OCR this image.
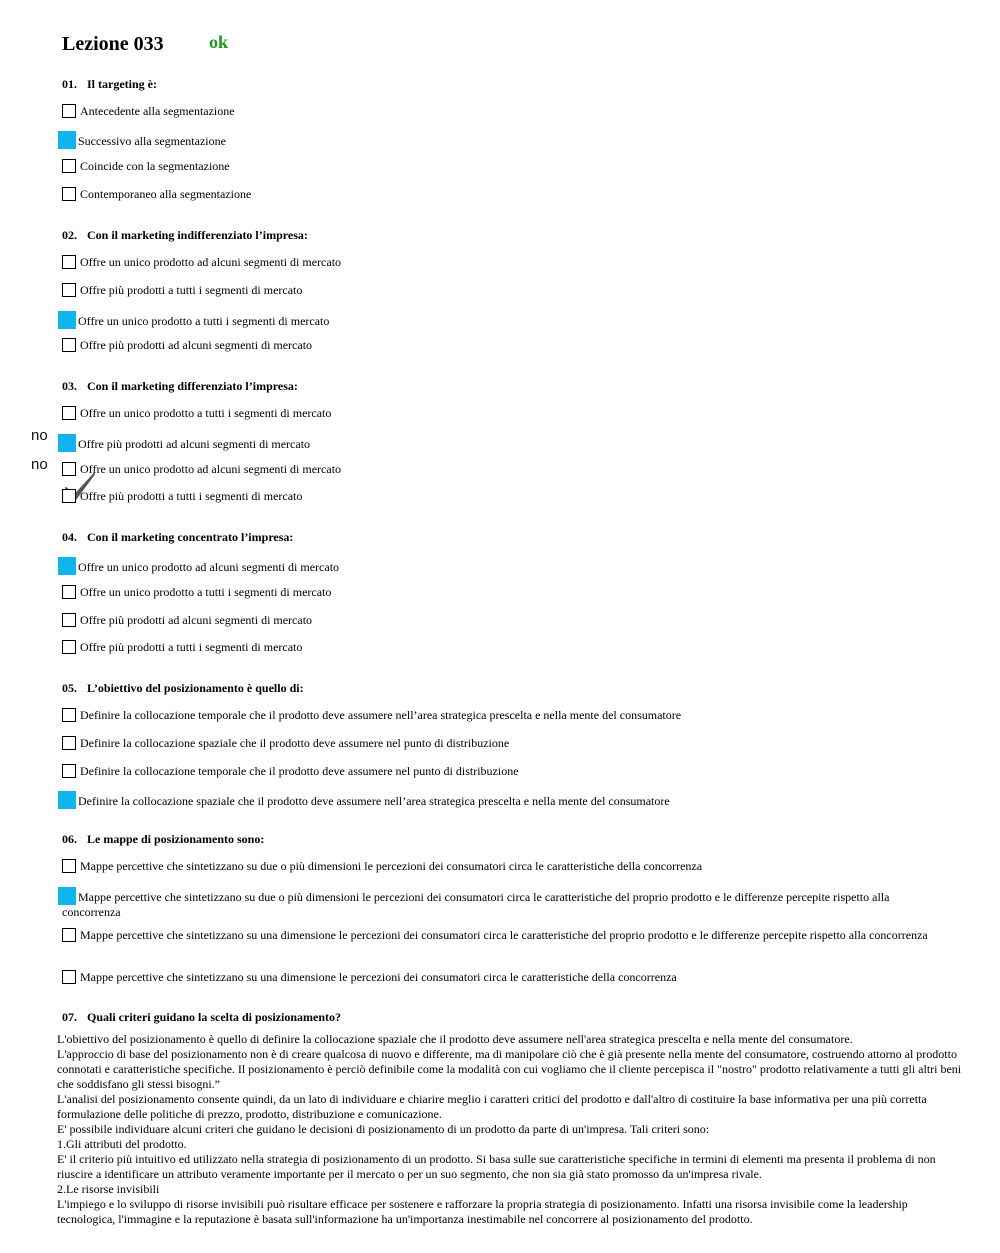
Lezione 033	ok
01. Il targeting è:
Antecedente alla segmentazione
Successivo alla segmentazione
Coincide con la segmentazione
Contemporaneo alla segmentazione
02. Con il marketing indifferenziato l’impresa:
Offre un unico prodotto ad alcuni segmenti di mercato
Offre più prodotti a tutti i segmenti di mercato
Offre un unico prodotto a tutti i segmenti di mercato
Offre più prodotti ad alcuni segmenti di mercato
03. Con il marketing differenziato l’impresa:
Offre un unico prodotto a tutti i segmenti di mercato
Offre più prodotti ad alcuni segmenti di mercato
Offre un unico prodotto ad alcuni segmenti di mercato
Offre più prodotti a tutti i segmenti di mercato
no
no
04. Con il marketing concentrato l’impresa:
Offre un unico prodotto ad alcuni segmenti di mercato
Offre un unico prodotto a tutti i segmenti di mercato
Offre più prodotti ad alcuni segmenti di mercato
Offre più prodotti a tutti i segmenti di mercato
05. L’obiettivo del posizionamento è quello di:
Definire la collocazione temporale che il prodotto deve assumere nell’area strategica prescelta e nella mente del consumatore
Definire la collocazione spaziale che il prodotto deve assumere nel punto di distribuzione
Definire la collocazione temporale che il prodotto deve assumere nel punto di distribuzione
Definire la collocazione spaziale che il prodotto deve assumere nell’area strategica prescelta e nella mente del consumatore
06. Le mappe di posizionamento sono:
Mappe percettive che sintetizzano su due o più dimensioni le percezioni dei consumatori circa le caratteristiche della concorrenza
Mappe percettive che sintetizzano su due o più dimensioni le percezioni dei consumatori circa le caratteristiche del proprio prodotto e le differenze percepite rispetto alla concorrenza
Mappe percettive che sintetizzano su una dimensione le percezioni dei consumatori circa le caratteristiche del proprio prodotto e le differenze percepite rispetto alla concorrenza
Mappe percettive che sintetizzano su una dimensione le percezioni dei consumatori circa le caratteristiche della concorrenza
07. Quali criteri guidano la scelta di posizionamento?

L'obiettivo del posizionamento è quello di definire la collocazione spaziale che il prodotto deve assumere nell'area strategica prescelta e nella mente del consumatore.

L'approccio di base del posizionamento non è di creare qualcosa di nuovo e differente, ma di manipolare ciò che è già presente nella mente del consumatore, costruendo attorno al prodotto connotati e caratteristiche specifiche. Il posizionamento è perciò definibile come la modalità con cui vogliamo che il cliente percepisca il "nostro" prodotto relativamente a tutti gli altri beni che soddisfano gli stessi bisogni.”

L'analisi del posizionamento consente quindi, da un lato di individuare e chiarire meglio i caratteri critici del prodotto e dall'altro di costituire la base informativa per una più corretta formulazione delle politiche di prezzo, prodotto, distribuzione e comunicazione.

E' possibile individuare alcuni criteri che guidano le decisioni di posizionamento di un prodotto da parte di un'impresa. Tali criteri sono:

1.Gli attributi del prodotto.

E' il criterio più intuitivo ed utilizzato nella strategia di posizionamento di un prodotto. Si basa sulle sue caratteristiche specifiche in termini di elementi ma presenta il problema di non riuscire a identificare un attributo veramente importante per il mercato o per un suo segmento, che non sia già stato promosso da un'impresa rivale.

2.Le risorse invisibili

L'impiego e lo sviluppo di risorse invisibili può risultare efficace per sostenere e rafforzare la propria strategia di posizionamento. Infatti una risorsa invisibile come la leadership tecnologica, l'immagine e la reputazione è basata sull'informazione ha un'importanza inestimabile nel concorrere al posizionamento del prodotto.
